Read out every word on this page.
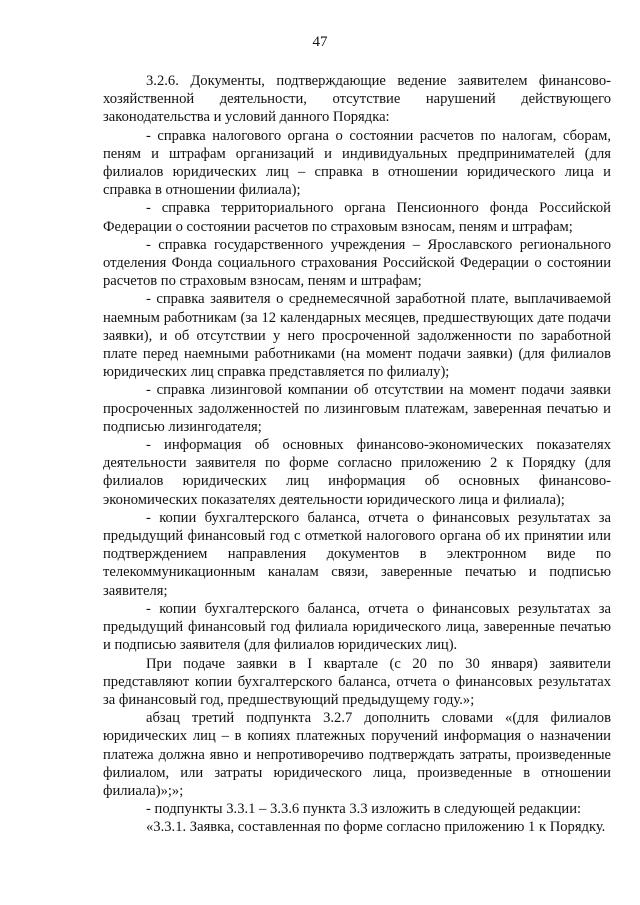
47

3.2.6. Документы, подтверждающие ведение заявителем финансово-хозяйственной деятельности, отсутствие нарушений действующего законодательства и условий данного Порядка:

- справка налогового органа о состоянии расчетов по налогам, сборам, пеням и штрафам организаций и индивидуальных предпринимателей (для филиалов юридических лиц – справка в отношении юридического лица и справка в отношении филиала);

- справка территориального органа Пенсионного фонда Российской Федерации о состоянии расчетов по страховым взносам, пеням и штрафам;

- справка государственного учреждения – Ярославского регионального отделения Фонда социального страхования Российской Федерации о состоянии расчетов по страховым взносам, пеням и штрафам;

- справка заявителя о среднемесячной заработной плате, выплачиваемой наемным работникам (за 12 календарных месяцев, предшествующих дате подачи заявки), и об отсутствии у него просроченной задолженности по заработной плате перед наемными работниками (на момент подачи заявки) (для филиалов юридических лиц справка представляется по филиалу);

- справка лизинговой компании об отсутствии на момент подачи заявки просроченных задолженностей по лизинговым платежам, заверенная печатью и подписью лизингодателя;

- информация об основных финансово-экономических показателях деятельности заявителя по форме согласно приложению 2 к Порядку (для филиалов юридических лиц информация об основных финансово-экономических показателях деятельности юридического лица и филиала);

- копии бухгалтерского баланса, отчета о финансовых результатах за предыдущий финансовый год с отметкой налогового органа об их принятии или подтверждением направления документов в электронном виде по телекоммуникационным каналам связи, заверенные печатью и подписью заявителя;

- копии бухгалтерского баланса, отчета о финансовых результатах за предыдущий финансовый год филиала юридического лица, заверенные печатью и подписью заявителя (для филиалов юридических лиц).

При подаче заявки в I квартале (с 20 по 30 января) заявители представляют копии бухгалтерского баланса, отчета о финансовых результатах за финансовый год, предшествующий предыдущему году.»;

абзац третий подпункта 3.2.7 дополнить словами «(для филиалов юридических лиц – в копиях платежных поручений информация о назначении платежа должна явно и непротиворечиво подтверждать затраты, произведенные филиалом, или затраты юридического лица, произведенные в отношении филиала)»;»;

- подпункты 3.3.1 – 3.3.6 пункта 3.3 изложить в следующей редакции:

«3.3.1. Заявка, составленная по форме согласно приложению 1 к Порядку.
